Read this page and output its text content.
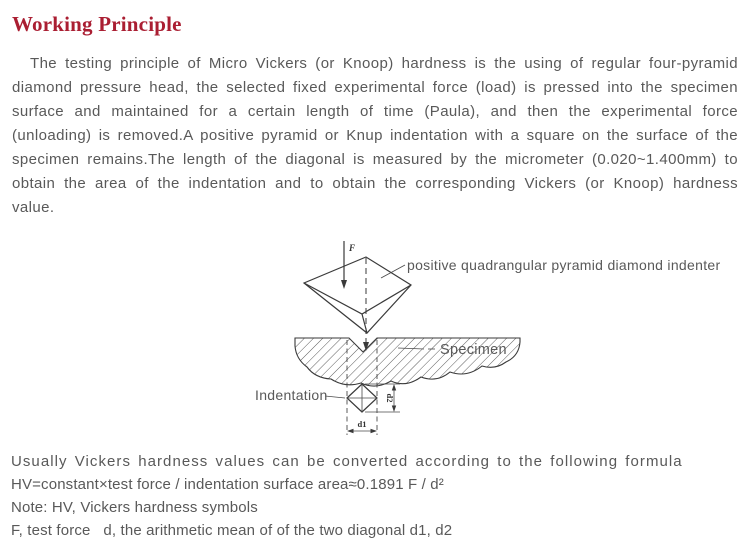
Working Principle

The testing principle of Micro Vickers (or Knoop) hardness is the using of regular four-pyramid diamond pressure head, the selected fixed experimental force (load) is pressed into the specimen surface and maintained for a certain length of time (Paula), and then the experimental force (unloading) is removed.A positive pyramid or Knup indentation with a square on the surface of the specimen remains.The length of the diagonal is measured by the micrometer (0.020~1.400mm) to obtain the area of the indentation and to obtain the corresponding Vickers (or Knoop) hardness value.

F
d2
d1
positive quadrangular pyramid diamond indenter
Specimen
Indentation

Usually Vickers hardness values can be converted according to the following formula

HV=constant×test force / indentation surface area≈0.1891 F / d²

Note: HV, Vickers hardness symbols

F, test force   d, the arithmetic mean of of the two diagonal d1, d2
